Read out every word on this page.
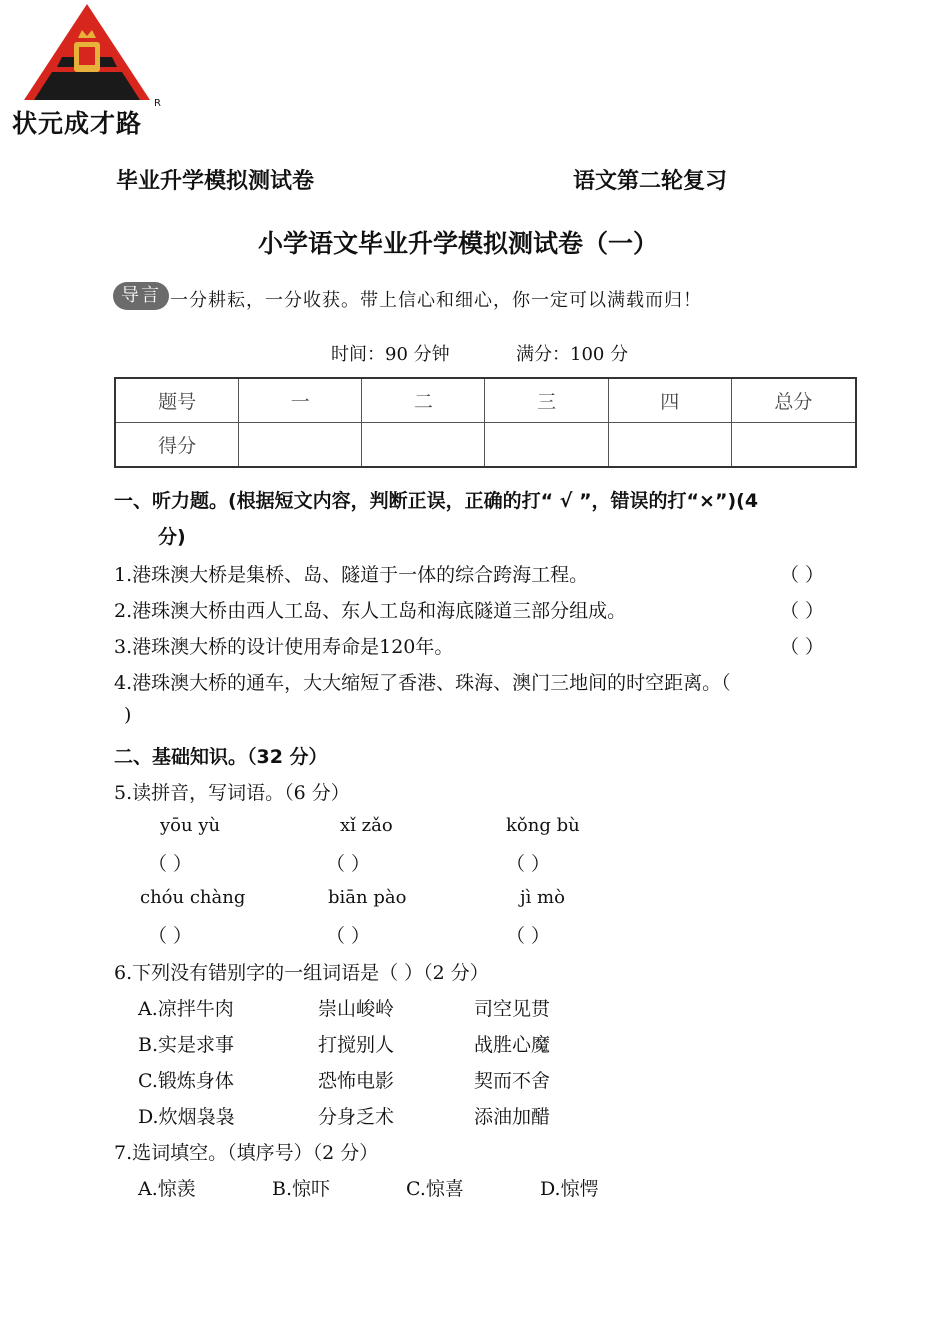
状元成才路
R
毕业升学模拟测试卷	语文第二轮复习
小学语文毕业升学模拟测试卷（一）
导言 一分耕耘，一分收获。带上信心和细心，你一定可以满载而归！
时间：90 分钟	满分：100 分
题号	一	二	三	四	总分
得分
一、听力题。(根据短文内容，判断正误，正确的打“ √ ”，错误的打“×”)(4
分)
1.港珠澳大桥是集桥、岛、隧道于一体的综合跨海工程。	（ ）
2.港珠澳大桥由西人工岛、东人工岛和海底隧道三部分组成。	（ ）
3.港珠澳大桥的设计使用寿命是120年。	（ ）
4.港珠澳大桥的通车，大大缩短了香港、珠海、澳门三地间的时空距离。（
)
二、基础知识。（32 分）
5.读拼音，写词语。（6 分）
yōu yù	xǐ zǎo	kǒng bù
（ ）	（ ）	（ ）
chóu chàng	biān pào	jì mò
（ ）	（ ）	（ ）
6.下列没有错别字的一组词语是（ ）（2 分）
A.凉拌牛肉	崇山峻岭	司空见贯
B.实是求事	打搅别人	战胜心魔
C.锻炼身体	恐怖电影	契而不舍
D.炊烟袅袅	分身乏术	添油加醋
7.选词填空。（填序号）（2 分）
A.惊羡	B.惊吓	C.惊喜	D.惊愕
